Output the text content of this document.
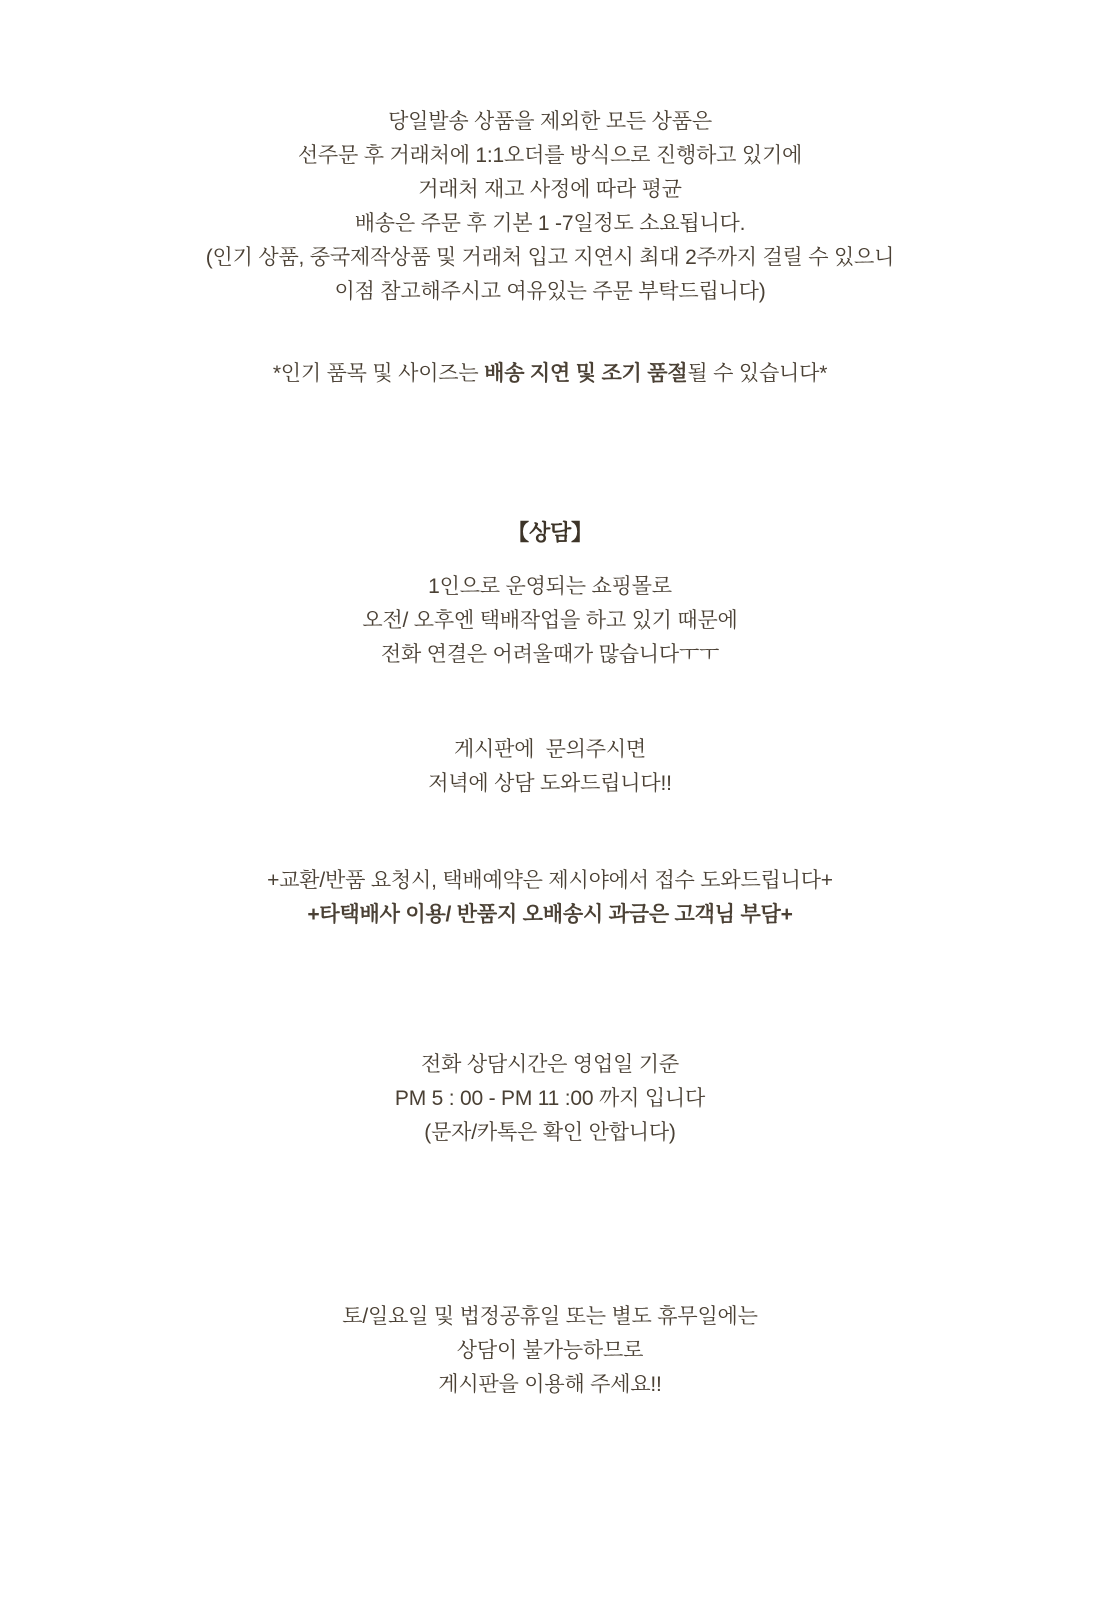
당일발송 상품을 제외한 모든 상품은
선주문 후 거래처에 1:1오더를 방식으로 진행하고 있기에
거래처 재고 사정에 따라 평균
배송은 주문 후 기본 1 -7일정도 소요됩니다.
(인기 상품, 중국제작상품 및 거래처 입고 지연시 최대 2주까지 걸릴 수 있으니
이점 참고해주시고 여유있는 주문 부탁드립니다)
*인기 품목 및 사이즈는 배송 지연 및 조기 품절될 수 있습니다*
【상담】
1인으로 운영되는 쇼핑몰로
오전/ 오후엔 택배작업을 하고 있기 때문에
전화 연결은 어려울때가 많습니다ㅜㅜ
게시판에  문의주시면
저녁에 상담 도와드립니다!!
+교환/반품 요청시, 택배예약은 제시야에서 접수 도와드립니다+
+타택배사 이용/ 반품지 오배송시 과금은 고객님 부담+
전화 상담시간은 영업일 기준
PM 5 : 00 - PM 11 :00 까지 입니다
(문자/카톡은 확인 안합니다)
토/일요일 및 법정공휴일 또는 별도 휴무일에는
상담이 불가능하므로
게시판을 이용해 주세요!!
